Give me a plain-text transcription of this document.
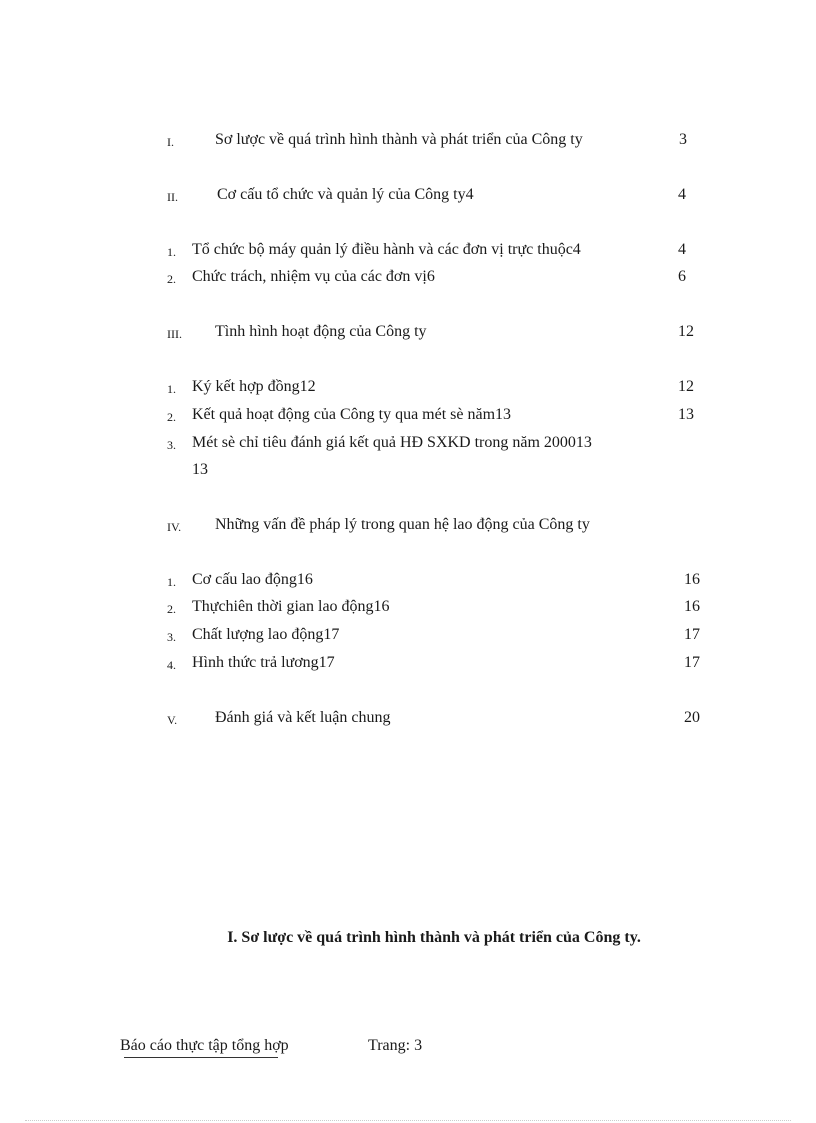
I.	Sơ lược về quá trình hình thành và phát triển của Công ty	3
II. Cơ cấu tổ chức và quản lý của Công ty4	4
1. Tổ chức bộ máy quản lý điều hành và các đơn vị trực thuộc4	4
2. Chức trách, nhiệm vụ của các đơn vị6	6
III. Tình hình hoạt động của Công ty	12
1. Ký kết hợp đồng12	12
2. Kết quả hoạt động của Công ty qua mét sè năm13	13
3. Mét sè chỉ tiêu đánh giá kết quả HĐ SXKD trong năm 200013
13
IV. Những vấn đề pháp lý trong quan hệ lao động của Công ty
1. Cơ cấu lao động16	16
2. Thựchiên thời gian lao động16	16
3. Chất lượng lao động17	17
4. Hình thức trả lương17	17
V. Đánh giá và kết luận chung	20
I. Sơ lược về quá trình hình thành và phát triển của Công ty.
Báo cáo thực tập tổng hợp	Trang: 3
